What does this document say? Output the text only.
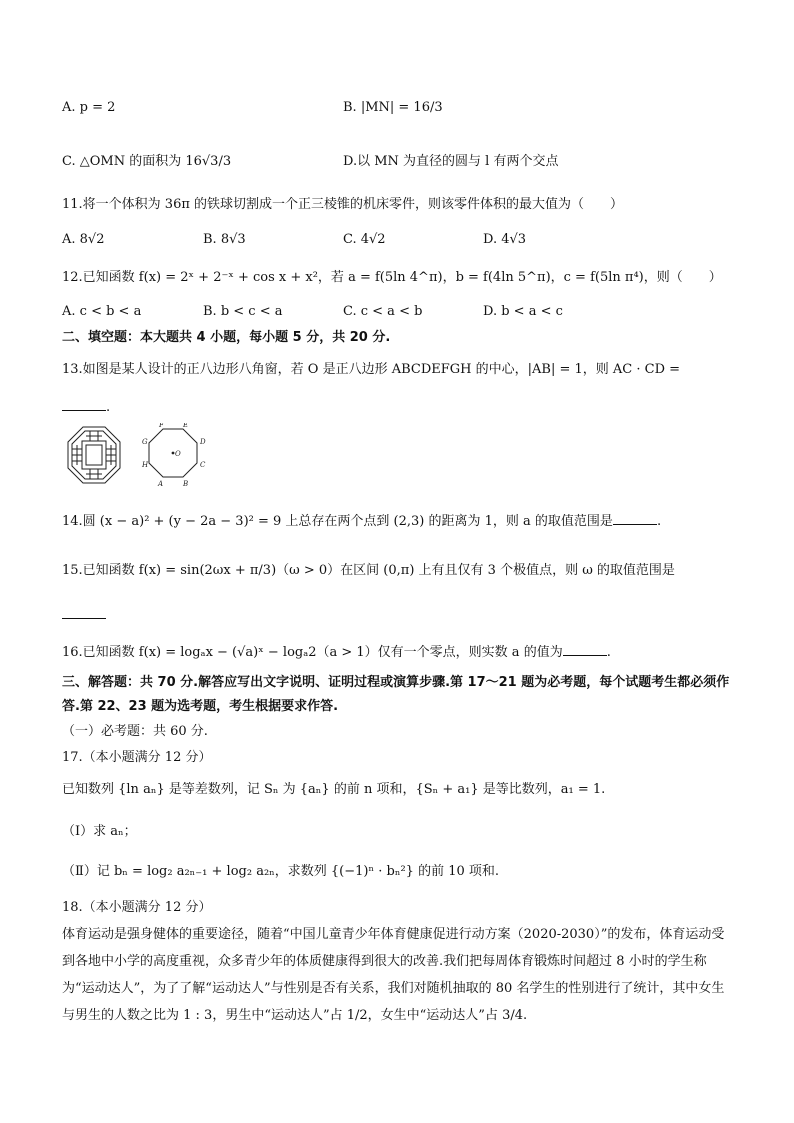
A. p = 2	B. |MN| = 16/3
C. △OMN 的面积为 16√3/3	D.以 MN 为直径的圆与 l 有两个交点
11.将一个体积为 36π 的铁球切割成一个正三棱锥的机床零件，则该零件体积的最大值为（　　）
A. 8√2	B. 8√3	C. 4√2	D. 4√3
12.已知函数 f(x) = 2ˣ + 2⁻ˣ + cos x + x²，若 a = f(5ln 4^π)，b = f(4ln 5^π)，c = f(5ln π⁴)，则（　　）
A. c < b < a	B. b < c < a	C. c < a < b	D. b < a < c
二、填空题：本大题共 4 小题，每小题 5 分，共 20 分.
13.如图是某人设计的正八边形八角窗，若 O 是正八边形 ABCDEFGH 的中心，|AB| = 1，则 AC · CD =
.
F	E
G	D
H
O
C
A	B
14.圆 (x − a)² + (y − 2a − 3)² = 9 上总存在两个点到 (2,3) 的距离为 1，则 a 的取值范围是	.
15.已知函数 f(x) = sin(2ωx + π/3)（ω > 0）在区间 (0,π) 上有且仅有 3 个极值点，则 ω 的取值范围是
16.已知函数 f(x) = logₐx − (√a)ˣ − logₐ2（a > 1）仅有一个零点，则实数 a 的值为	.
三、解答题：共 70 分.解答应写出文字说明、证明过程或演算步骤.第 17～21 题为必考题，每个试题考生都必须作答.第 22、23 题为选考题，考生根据要求作答.
（一）必考题：共 60 分.
17.（本小题满分 12 分）
已知数列 {ln aₙ} 是等差数列，记 Sₙ 为 {aₙ} 的前 n 项和，{Sₙ + a₁} 是等比数列，a₁ = 1.
（Ⅰ）求 aₙ；
（Ⅱ）记 bₙ = log₂ a₂ₙ₋₁ + log₂ a₂ₙ，求数列 {(−1)ⁿ · bₙ²} 的前 10 项和.
18.（本小题满分 12 分）
体育运动是强身健体的重要途径，随着“中国儿童青少年体育健康促进行动方案（2020-2030）”的发布，体育运动受到各地中小学的高度重视，众多青少年的体质健康得到很大的改善.我们把每周体育锻炼时间超过 8 小时的学生称为“运动达人”，为了了解“运动达人”与性别是否有关系，我们对随机抽取的 80 名学生的性别进行了统计，其中女生与男生的人数之比为 1 : 3，男生中“运动达人”占 1/2，女生中“运动达人”占 3/4.
